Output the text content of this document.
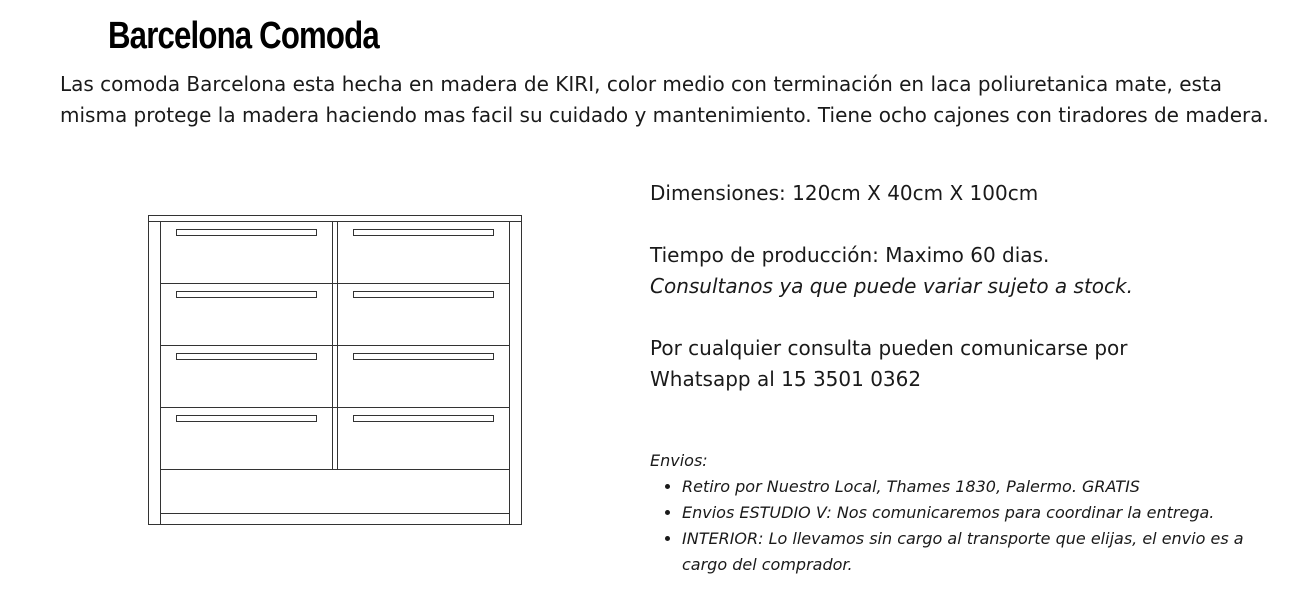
Barcelona Comoda

Las comoda Barcelona esta hecha en madera de KIRI, color medio con terminación en laca poliuretanica mate, esta misma protege la madera haciendo mas facil su cuidado y mantenimiento. Tiene ocho cajones con tiradores de madera.

Dimensiones: 120cm X 40cm X 100cm

Tiempo de producción: Maximo 60 dias.

Consultanos ya que puede variar sujeto a stock.

Por cualquier consulta pueden comunicarse por

Whatsapp al 15 3501 0362

Envios:

• Retiro por Nuestro Local, Thames 1830, Palermo. GRATIS
• Envios ESTUDIO V: Nos comunicaremos para coordinar la entrega.
• INTERIOR: Lo llevamos sin cargo al transporte que elijas, el envio es a cargo del comprador.
